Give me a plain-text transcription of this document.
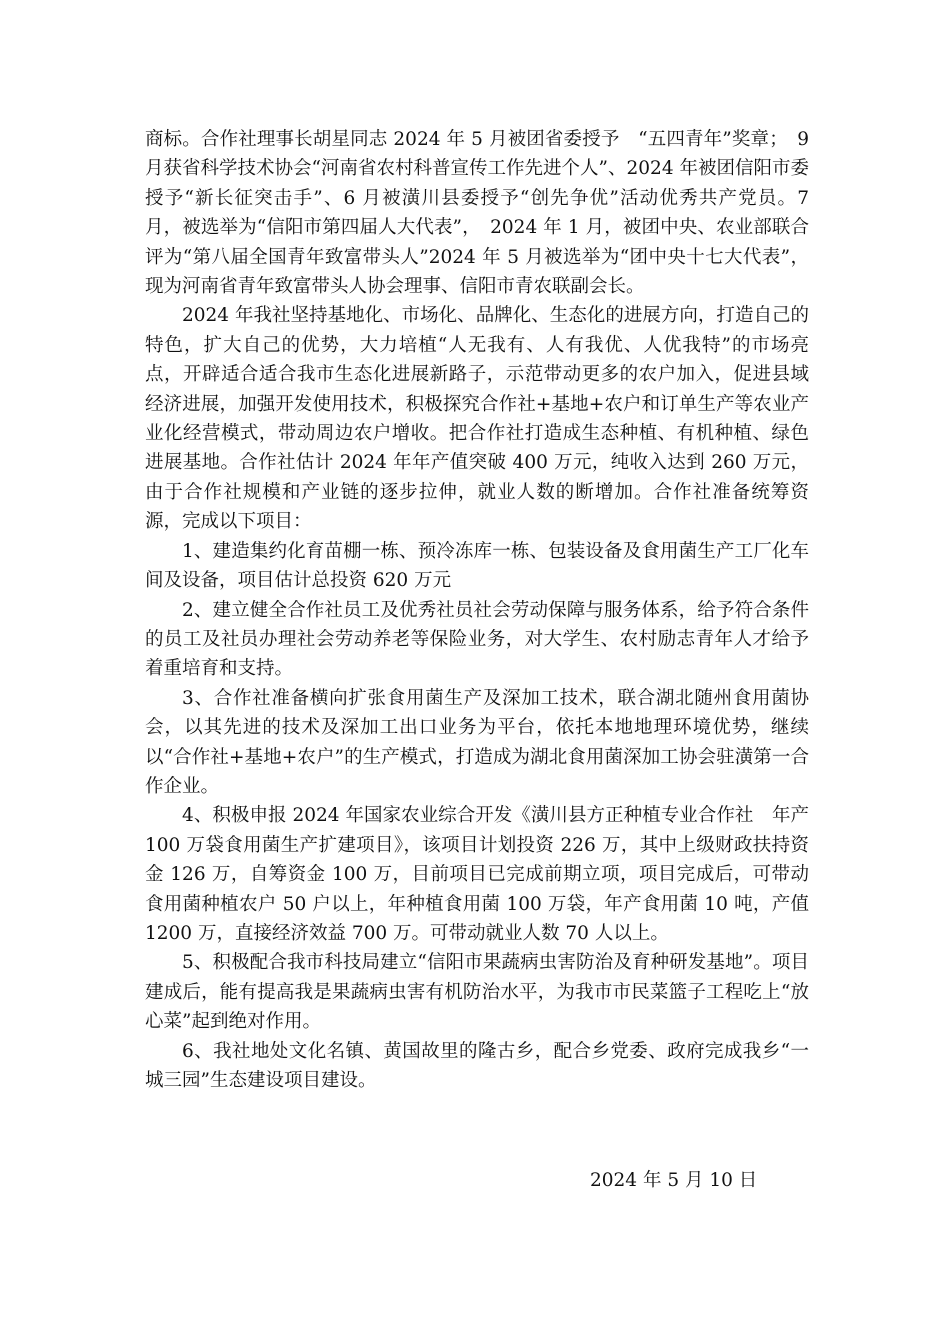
商标。合作社理事长胡星同志 2024 年 5 月被团省委授予　“五四青年”奖章；　9 月获省科学技术协会“河南省农村科普宣传工作先进个人”、2024 年被团信阳市委授予“新长征突击手”、6 月被潢川县委授予“创先争优”活动优秀共产党员。7 月，被选举为“信阳市第四届人大代表”，　2024 年 1 月，被团中央、农业部联合评为“第八届全国青年致富带头人”2024 年 5 月被选举为“团中央十七大代表”，现为河南省青年致富带头人协会理事、信阳市青农联副会长。

2024 年我社坚持基地化、市场化、品牌化、生态化的进展方向，打造自己的特色，扩大自己的优势，大力培植“人无我有、人有我优、人优我特”的市场亮点，开辟适合适合我市生态化进展新路子，示范带动更多的农户加入，促进县域经济进展，加强开发使用技术，积极探究合作社+基地+农户和订单生产等农业产业化经营模式，带动周边农户增收。把合作社打造成生态种植、有机种植、绿色进展基地。合作社估计 2024 年年产值突破 400 万元，纯收入达到 260 万元，由于合作社规模和产业链的逐步拉伸，就业人数的断增加。合作社准备统筹资源，完成以下项目：

1、建造集约化育苗棚一栋、预冷冻库一栋、包装设备及食用菌生产工厂化车间及设备，项目估计总投资 620 万元

2、建立健全合作社员工及优秀社员社会劳动保障与服务体系，给予符合条件的员工及社员办理社会劳动养老等保险业务，对大学生、农村励志青年人才给予着重培育和支持。

3、合作社准备横向扩张食用菌生产及深加工技术，联合湖北随州食用菌协会，以其先进的技术及深加工出口业务为平台，依托本地地理环境优势，继续以“合作社+基地+农户”的生产模式，打造成为湖北食用菌深加工协会驻潢第一合作企业。

4、积极申报 2024 年国家农业综合开发《潢川县方正种植专业合作社　年产 100 万袋食用菌生产扩建项目》，该项目计划投资 226 万，其中上级财政扶持资金 126 万，自筹资金 100 万，目前项目已完成前期立项，项目完成后，可带动食用菌种植农户 50 户以上，年种植食用菌 100 万袋，年产食用菌 10 吨，产值 1200 万，直接经济效益 700 万。可带动就业人数 70 人以上。

5、积极配合我市科技局建立“信阳市果蔬病虫害防治及育种研发基地”。项目建成后，能有提高我是果蔬病虫害有机防治水平，为我市市民菜篮子工程吃上“放心菜”起到绝对作用。

6、我社地处文化名镇、黄国故里的隆古乡，配合乡党委、政府完成我乡“一城三园”生态建设项目建设。

2024 年 5 月 10 日
